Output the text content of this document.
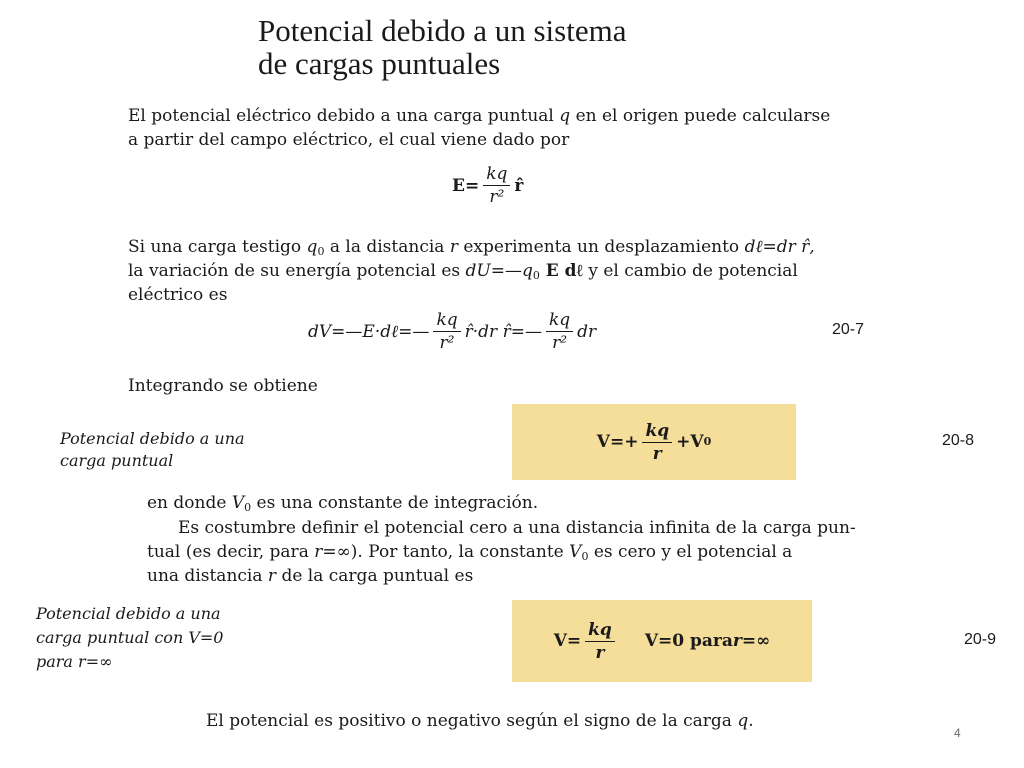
Potencial debido a un sistema
de cargas puntuales

El potencial eléctrico debido a una carga puntual q en el origen puede calcularse
a partir del campo eléctrico, el cual viene dado por

$E= \frac{kq}{\text{r²}}$ r̂

Si una carga testigo $q_0$ a la distancia r experimenta un desplazamiento dℓ=dr r̂,
la variación de su energía potencial es $dU=—q_0$ E dℓ y el cambio de potencial
eléctrico es

dV=—E·dℓ=— $\frac{kq}{\text{r²}}$ r̂·dr r̂=— $\frac{kq}{\text{r²}}$ dr	20-7

Integrando se obtiene

Potencial debido a una
carga puntual

$V=+ \frac{kq}{r} +V$ 0	20-8

en donde $V_0$ es una constante de integración.

Es costumbre definir el potencial cero a una distancia infinita de la carga pun-
tual (es decir, para r=∞). Por tanto, la constante $V_0$ es cero y el potencial a
una distancia r de la carga puntual es

Potencial debido a una
carga puntual con V=0
para r=∞

$V= \frac{kq}{r} V=0$ para r=∞	20-9

El potencial es positivo o negativo según el signo de la carga q.

4
